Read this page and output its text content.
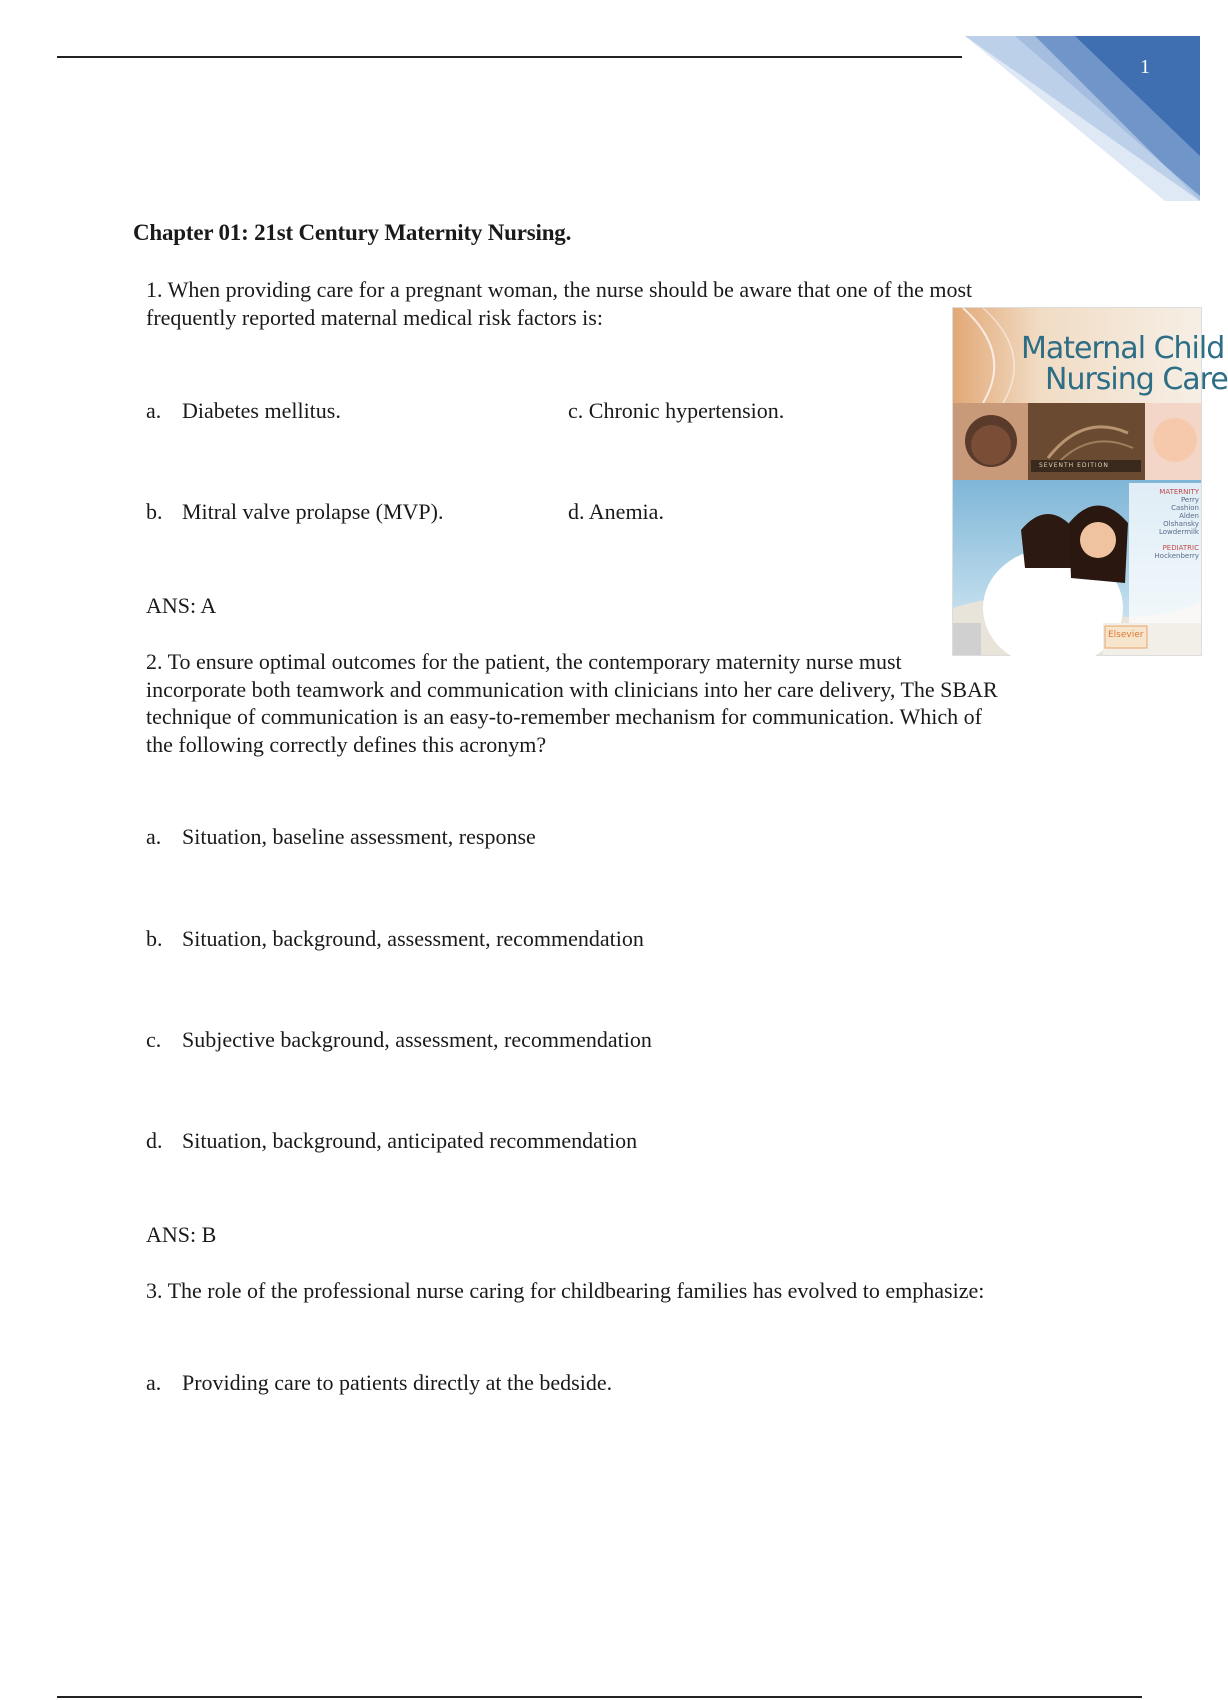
1
Chapter 01: 21st Century Maternity Nursing.
1. When providing care for a pregnant woman, the nurse should be aware that one of the most
frequently reported maternal medical risk factors is:
a. Diabetes mellitus.	c. Chronic hypertension.
b. Mitral valve prolapse (MVP).	d. Anemia.
ANS: A
2. To ensure optimal outcomes for the patient, the contemporary maternity nurse must
incorporate both teamwork and communication with clinicians into her care delivery, The SBAR
technique of communication is an easy-to-remember mechanism for communication. Which of
the following correctly defines this acronym?
a. Situation, baseline assessment, response
b. Situation, background, assessment, recommendation
c. Subjective background, assessment, recommendation
d. Situation, background, anticipated recommendation
ANS: B
3. The role of the professional nurse caring for childbearing families has evolved to emphasize:
a. Providing care to patients directly at the bedside.
Maternal Child
Nursing Care
SEVENTH EDITION
MATERNITY
Perry
Cashion
Alden
Olshansky
Lowdermilk
PEDIATRIC
Hockenberry
Elsevier
